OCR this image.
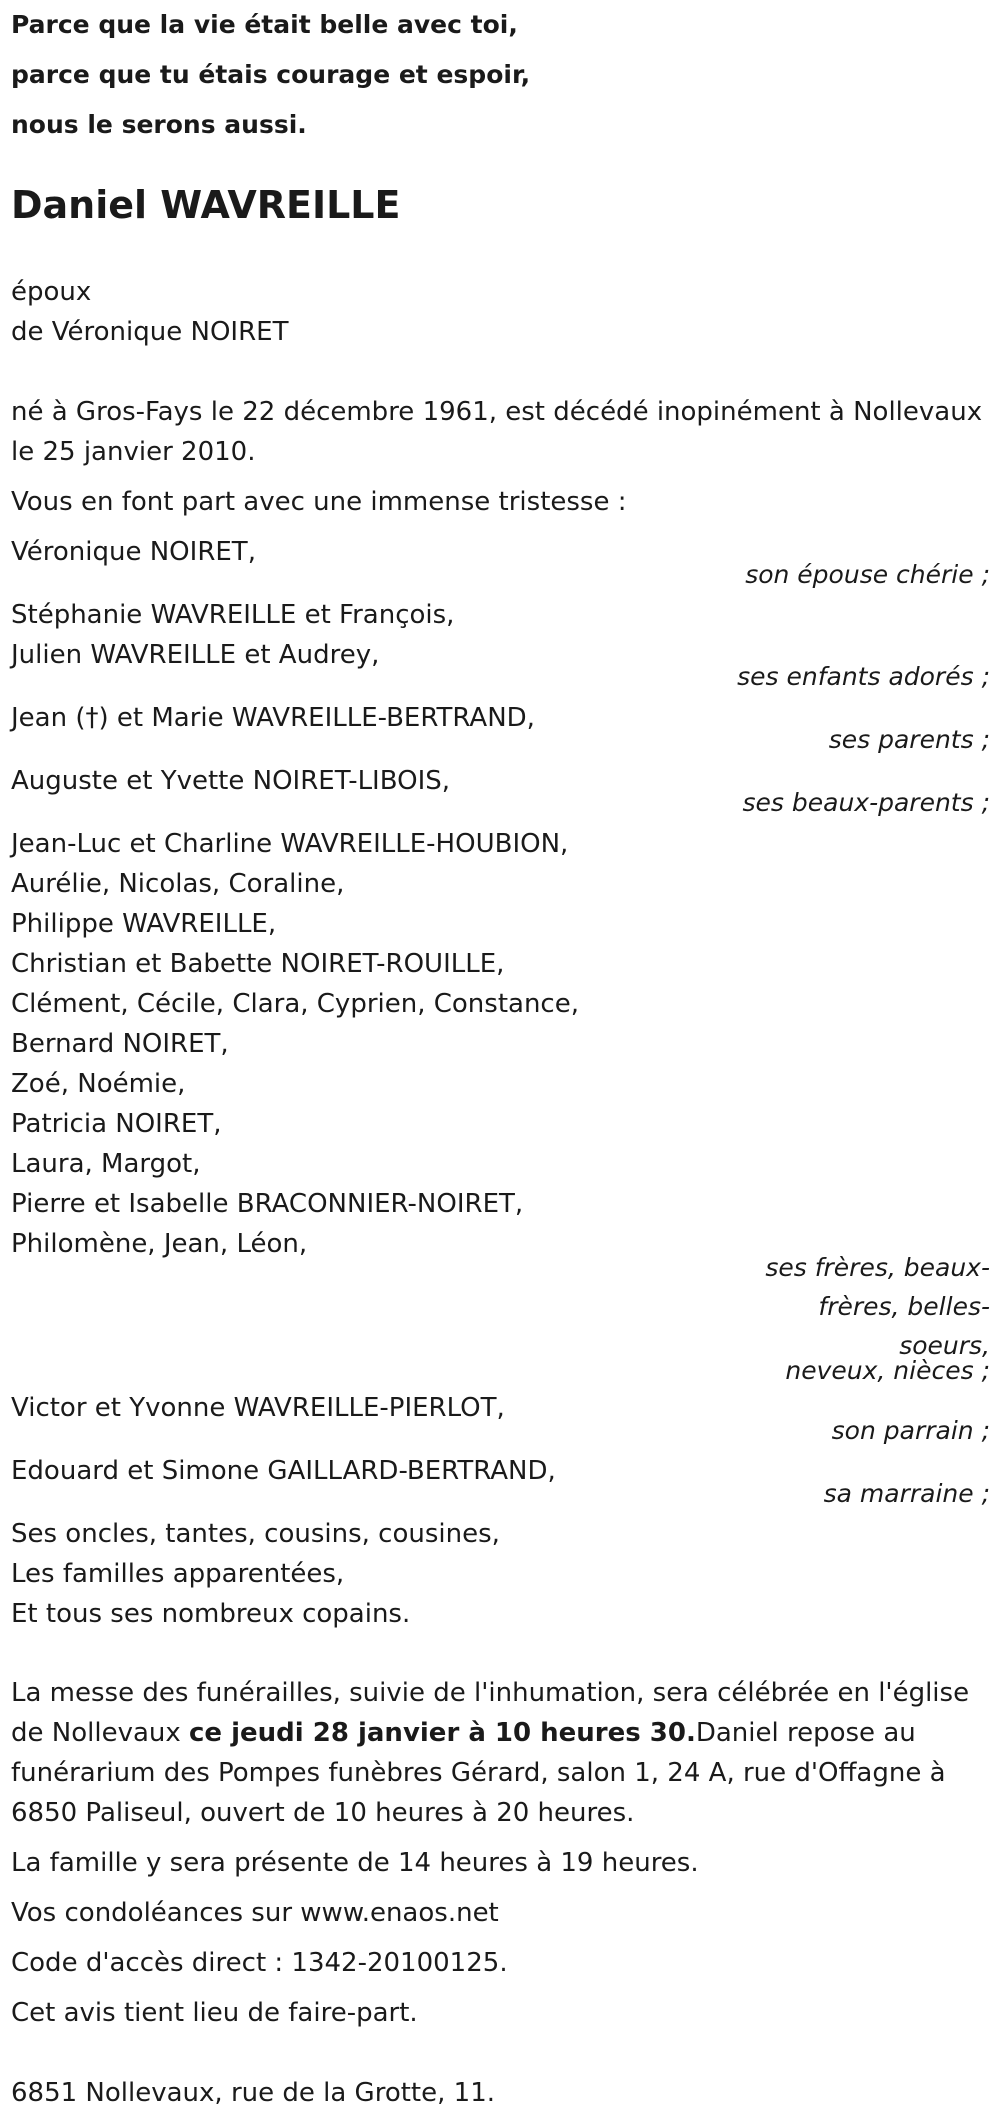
Parce que la vie était belle avec toi,
parce que tu étais courage et espoir,
nous le serons aussi.
Daniel WAVREILLE
époux
de Véronique NOIRET
né à Gros-Fays le 22 décembre 1961, est décédé inopinément à Nollevaux
le 25 janvier 2010.
Vous en font part avec une immense tristesse :
Véronique NOIRET,
son épouse chérie ;
Stéphanie WAVREILLE et François,
Julien WAVREILLE et Audrey,
ses enfants adorés ;
Jean (†) et Marie WAVREILLE-BERTRAND,
ses parents ;
Auguste et Yvette NOIRET-LIBOIS,
ses beaux-parents ;
Jean-Luc et Charline WAVREILLE-HOUBION,
Aurélie, Nicolas, Coraline,
Philippe WAVREILLE,
Christian et Babette NOIRET-ROUILLE,
Clément, Cécile, Clara, Cyprien, Constance,
Bernard NOIRET,
Zoé, Noémie,
Patricia NOIRET,
Laura, Margot,
Pierre et Isabelle BRACONNIER-NOIRET,
Philomène, Jean, Léon,
ses frères, beaux-
frères, belles-
soeurs,
neveux, nièces ;
Victor et Yvonne WAVREILLE-PIERLOT,
son parrain ;
Edouard et Simone GAILLARD-BERTRAND,
sa marraine ;
Ses oncles, tantes, cousins, cousines,
Les familles apparentées,
Et tous ses nombreux copains.
La messe des funérailles, suivie de l'inhumation, sera célébrée en l'église
de Nollevaux ce jeudi 28 janvier à 10 heures 30.Daniel repose au
funérarium des Pompes funèbres Gérard, salon 1, 24 A, rue d'Offagne à
6850 Paliseul, ouvert de 10 heures à 20 heures.
La famille y sera présente de 14 heures à 19 heures.
Vos condoléances sur www.enaos.net
Code d'accès direct : 1342-20100125.
Cet avis tient lieu de faire-part.
6851 Nollevaux, rue de la Grotte, 11.
